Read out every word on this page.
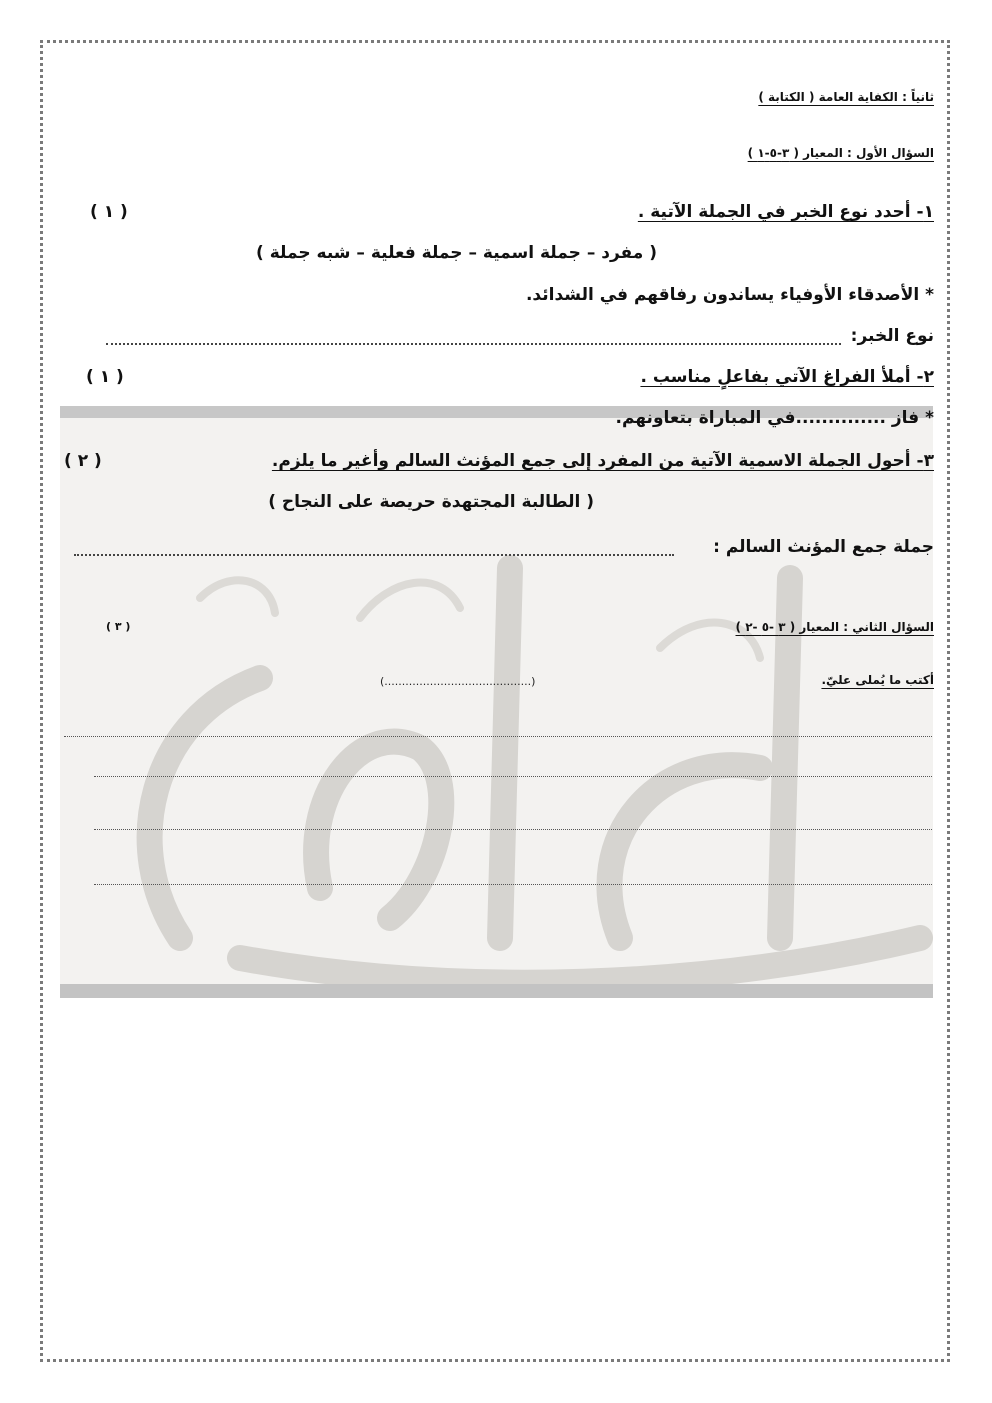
ثانياً : الكفاية العامة ( الكتابة )
السؤال الأول : المعيار ( ٣-٥-١ )
١- أحدد نوع الخبر في الجملة الآتية .
( ١ )
( مفرد – جملة اسمية – جملة فعلية – شبه جملة )
* الأصدقاء الأوفياء يساندون رفاقهم في الشدائد.
نوع الخبر:
٢- أملأ الفراغ الآتي بفاعلٍ مناسب .
( ١ )
* فاز ..............في المباراة بتعاونهم.
٣- أحول الجملة الاسمية الآتية من المفرد إلى جمع المؤنث السالم وأغير ما يلزم.
( ٢ )
( الطالبة المجتهدة حريصة على النجاح )
جملة جمع المؤنث السالم :
السؤال الثاني : المعيار ( ٣ -٥ -٢ )
( ٣ )
أكتب ما يُملى عليّ.
(..........................................)
